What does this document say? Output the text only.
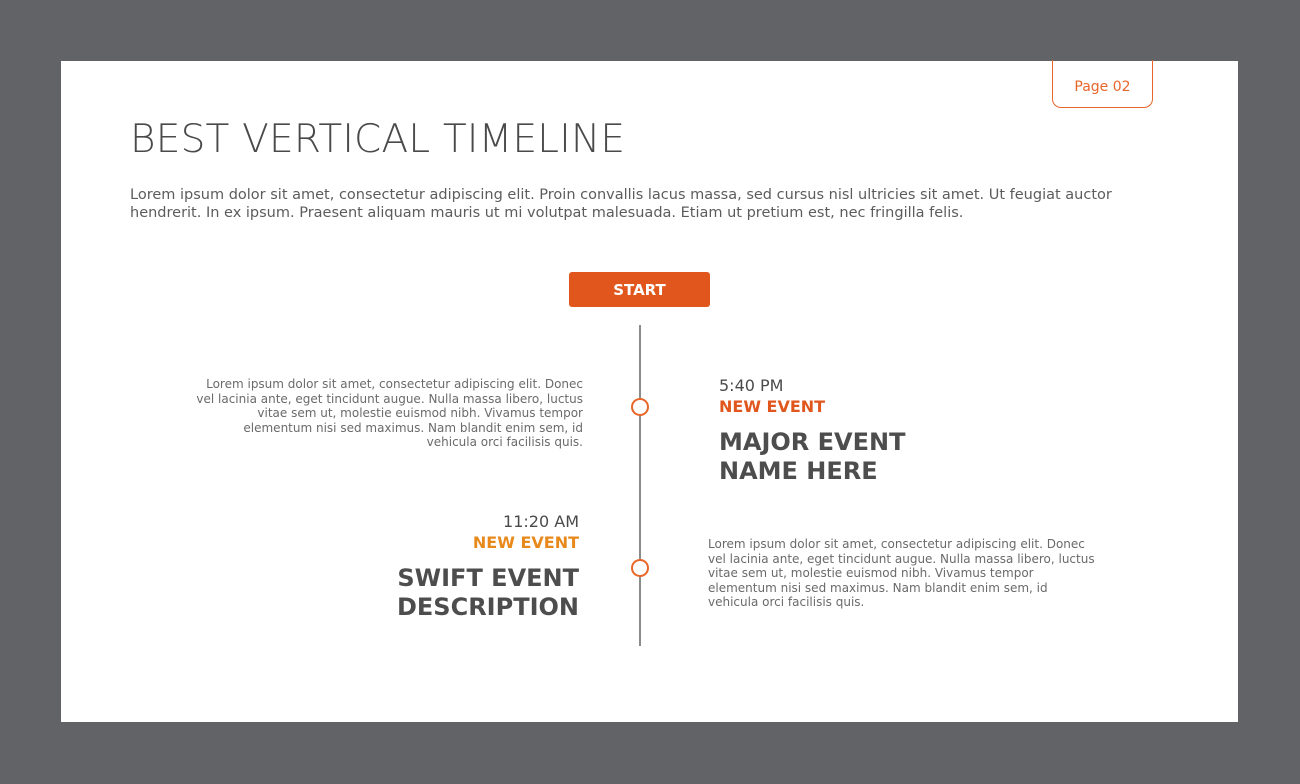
Page 02
BEST VERTICAL TIMELINE

Lorem ipsum dolor sit amet, consectetur adipiscing elit. Proin convallis lacus massa, sed cursus nisl ultricies sit amet. Ut feugiat auctor hendrerit. In ex ipsum. Praesent aliquam mauris ut mi volutpat malesuada. Etiam ut pretium est, nec fringilla felis.

START

Lorem ipsum dolor sit amet, consectetur adipiscing elit. Donec vel lacinia ante, eget tincidunt augue. Nulla massa libero, luctus vitae sem ut, molestie euismod nibh. Vivamus tempor elementum nisi sed maximus. Nam blandit enim sem, id vehicula orci facilisis quis.

5:40 PM
NEW EVENT
MAJOR EVENT
NAME HERE
11:20 AM
NEW EVENT
SWIFT EVENT
DESCRIPTION

Lorem ipsum dolor sit amet, consectetur adipiscing elit. Donec vel lacinia ante, eget tincidunt augue. Nulla massa libero, luctus vitae sem ut, molestie euismod nibh. Vivamus tempor elementum nisi sed maximus. Nam blandit enim sem, id vehicula orci facilisis quis.
